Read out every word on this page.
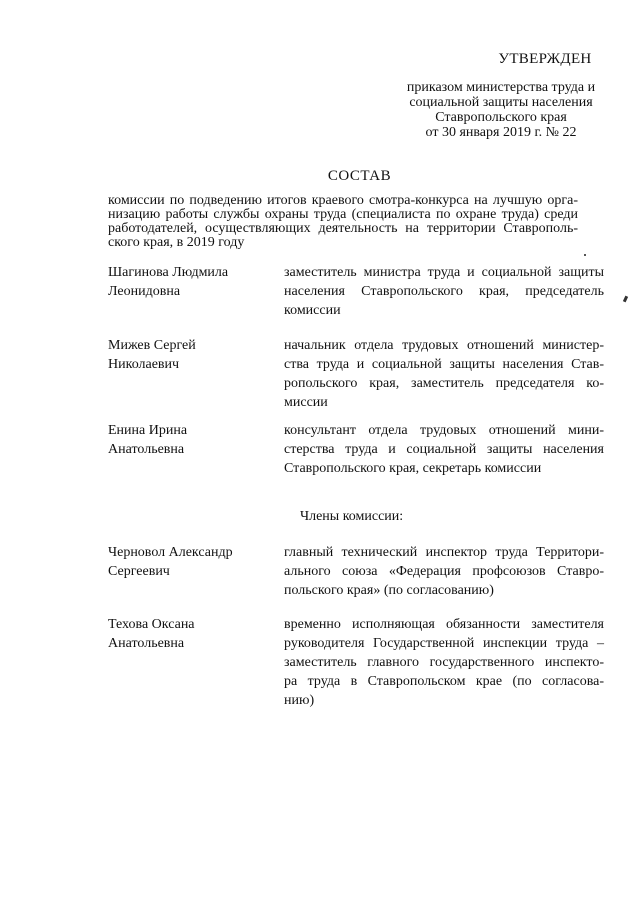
УТВЕРЖДЕН
приказом министерства труда и
социальной защиты населения
Ставропольского края
от 30 января 2019 г. № 22
СОСТАВ
комиссии по подведению итогов краевого смотра-конкурса на лучшую орга-
низацию работы службы охраны труда (специалиста по охране труда) среди
работодателей, осуществляющих деятельность на территории Ставрополь-
ского края, в 2019 году
Шагинова Людмила
Леонидовна
заместитель министра труда и социальной защиты
населения Ставропольского края, председатель
комиссии
Мижев Сергей
Николаевич
начальник отдела трудовых отношений министер-
ства труда и социальной защиты населения Став-
ропольского края, заместитель председателя ко-
миссии
Енина Ирина
Анатольевна
консультант отдела трудовых отношений мини-
стерства труда и социальной защиты населения
Ставропольского края, секретарь комиссии
Члены комиссии:
Черновол Александр
Сергеевич
главный технический инспектор труда Территори-
ального союза «Федерация профсоюзов Ставро-
польского края» (по согласованию)
Техова Оксана
Анатольевна
временно исполняющая обязанности заместителя
руководителя Государственной инспекции труда –
заместитель главного государственного инспекто-
ра труда в Ставропольском крае (по согласова-
нию)
